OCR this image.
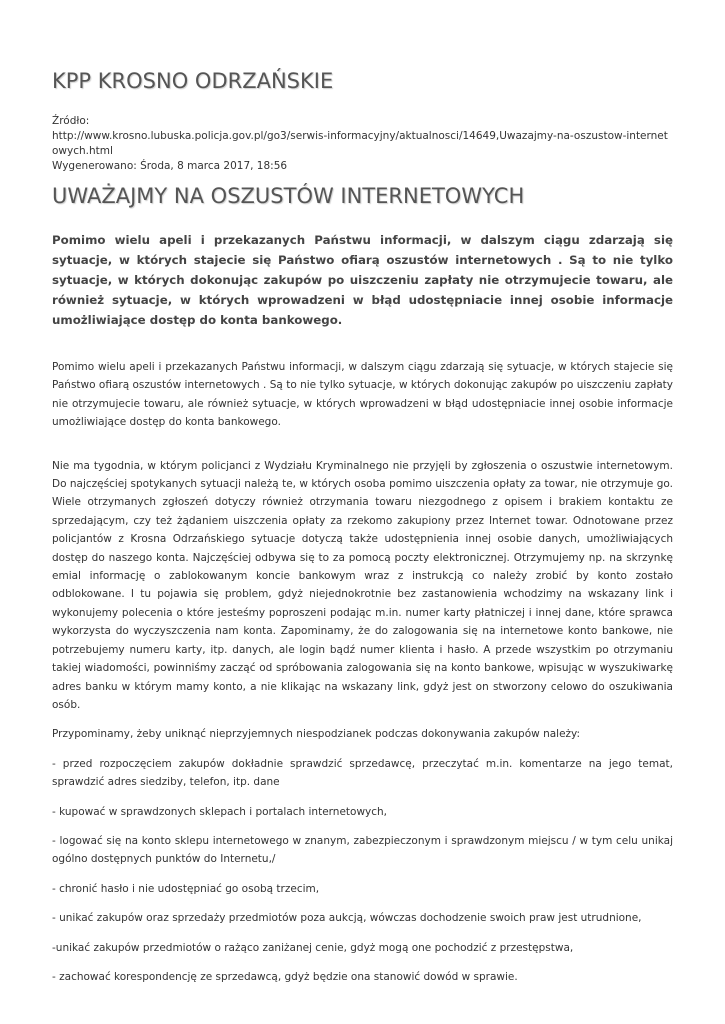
KPP KROSNO ODRZAŃSKIE
Źródło:
http://www.krosno.lubuska.policja.gov.pl/go3/serwis-informacyjny/aktualnosci/14649,Uwazajmy-na-oszustow-internetowych.html
Wygenerowano: Środa, 8 marca 2017, 18:56
UWAŻAJMY NA OSZUSTÓW INTERNETOWYCH

Pomimo wielu apeli i przekazanych Państwu informacji, w dalszym ciągu zdarzają się sytuacje, w których stajecie się Państwo ofiarą oszustów internetowych . Są to nie tylko sytuacje, w których dokonując zakupów po uiszczeniu zapłaty nie otrzymujecie towaru, ale również sytuacje, w których wprowadzeni w błąd udostępniacie innej osobie informacje umożliwiające dostęp do konta bankowego.

Pomimo wielu apeli i przekazanych Państwu informacji, w dalszym ciągu zdarzają się sytuacje, w których stajecie się Państwo ofiarą oszustów internetowych . Są to nie tylko sytuacje, w których dokonując zakupów po uiszczeniu zapłaty nie otrzymujecie towaru, ale również sytuacje, w których wprowadzeni w błąd udostępniacie innej osobie informacje umożliwiające dostęp do konta bankowego.

Nie ma tygodnia, w którym policjanci z Wydziału Kryminalnego nie przyjęli by zgłoszenia o oszustwie internetowym. Do najczęściej spotykanych sytuacji należą te, w których osoba pomimo uiszczenia opłaty za towar, nie otrzymuje go. Wiele otrzymanych zgłoszeń dotyczy również otrzymania towaru niezgodnego z opisem i brakiem kontaktu ze sprzedającym, czy też żądaniem uiszczenia opłaty za rzekomo zakupiony przez Internet towar. Odnotowane przez policjantów z Krosna Odrzańskiego sytuacje dotyczą także udostępnienia innej osobie danych, umożliwiających dostęp do naszego konta. Najczęściej odbywa się to za pomocą poczty elektronicznej. Otrzymujemy np. na skrzynkę emial informację o zablokowanym koncie bankowym wraz z instrukcją co należy zrobić by konto zostało odblokowane. I tu pojawia się problem, gdyż niejednokrotnie bez zastanowienia wchodzimy na wskazany link i wykonujemy polecenia o które jesteśmy poproszeni podając m.in. numer karty płatniczej i innej dane, które sprawca wykorzysta do wyczyszczenia nam konta. Zapominamy, że do zalogowania się na internetowe konto bankowe, nie potrzebujemy numeru karty, itp. danych, ale login bądź numer klienta i hasło. A przede wszystkim po otrzymaniu takiej wiadomości, powinniśmy zacząć od spróbowania zalogowania się na konto bankowe, wpisując w wyszukiwarkę adres banku w którym mamy konto, a nie klikając na wskazany link, gdyż jest on stworzony celowo do oszukiwania osób.

Przypominamy, żeby uniknąć nieprzyjemnych niespodzianek podczas dokonywania zakupów należy:

- przed rozpoczęciem zakupów dokładnie sprawdzić sprzedawcę, przeczytać m.in. komentarze na jego temat, sprawdzić adres siedziby, telefon, itp. dane

- kupować w sprawdzonych sklepach i portalach internetowych,

- logować się na konto sklepu internetowego w znanym, zabezpieczonym i sprawdzonym miejscu / w tym celu unikaj ogólno dostępnych punktów do Internetu,/

- chronić hasło i nie udostępniać go osobą trzecim,

- unikać zakupów oraz sprzedaży przedmiotów poza aukcją, wówczas dochodzenie swoich praw jest utrudnione,

-unikać zakupów przedmiotów o rażąco zaniżanej cenie, gdyż mogą one pochodzić z przestępstwa,

- zachować korespondencję ze sprzedawcą, gdyż będzie ona stanowić dowód w sprawie.
